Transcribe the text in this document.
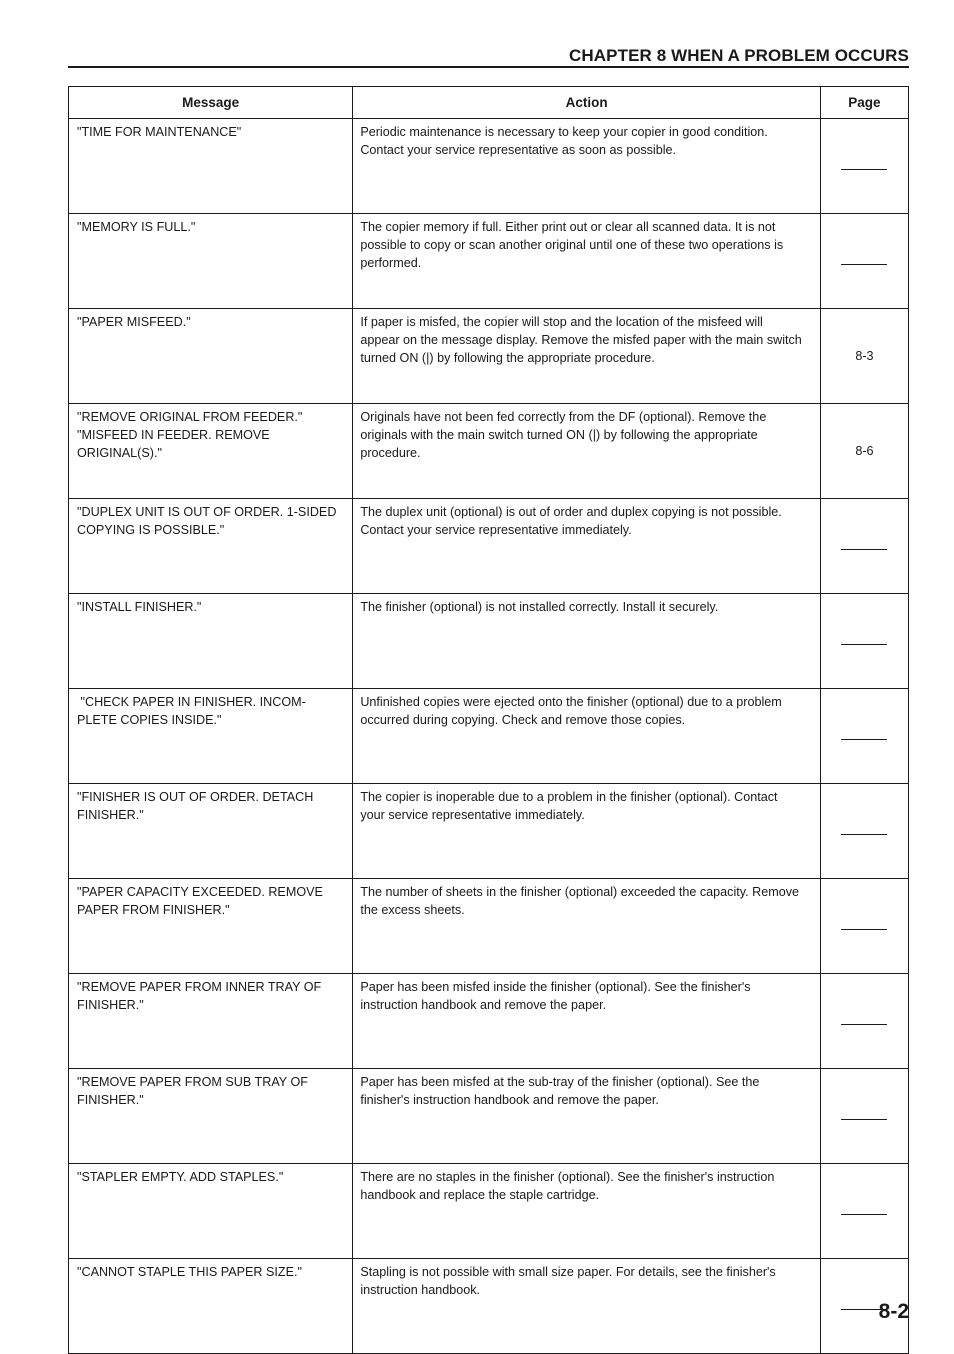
CHAPTER 8 WHEN A PROBLEM OCCURS
Message	Action	Page

"TIME FOR MAINTENANCE"	Periodic maintenance is necessary to keep your copier in good condition.
Contact your service representative as soon as possible.	

"MEMORY IS FULL."	The copier memory if full. Either print out or clear all scanned data. It is not
possible to copy or scan another original until one of these two operations is
performed.	

"PAPER MISFEED."	If paper is misfed, the copier will stop and the location of the misfeed will
appear on the message display. Remove the misfed paper with the main switch
turned ON (|) by following the appropriate procedure.	8-3

"REMOVE ORIGINAL FROM FEEDER."
"MISFEED IN FEEDER. REMOVE
ORIGINAL(S)."	Originals have not been fed correctly from the DF (optional). Remove the
originals with the main switch turned ON (|) by following the appropriate
procedure.	8-6

"DUPLEX UNIT IS OUT OF ORDER. 1-SIDED
COPYING IS POSSIBLE."	The duplex unit (optional) is out of order and duplex copying is not possible.
Contact your service representative immediately.	

"INSTALL FINISHER."	The finisher (optional) is not installed correctly. Install it securely.	

"CHECK PAPER IN FINISHER. INCOM-
PLETE COPIES INSIDE."	Unfinished copies were ejected onto the finisher (optional) due to a problem
occurred during copying. Check and remove those copies.	

"FINISHER IS OUT OF ORDER. DETACH
FINISHER."	The copier is inoperable due to a problem in the finisher (optional). Contact
your service representative immediately.	

"PAPER CAPACITY EXCEEDED. REMOVE
PAPER FROM FINISHER."	The number of sheets in the finisher (optional) exceeded the capacity. Remove
the excess sheets.	

"REMOVE PAPER FROM INNER TRAY OF
FINISHER."	Paper has been misfed inside the finisher (optional). See the finisher's
instruction handbook and remove the paper.	

"REMOVE PAPER FROM SUB TRAY OF
FINISHER."	Paper has been misfed at the sub-tray of the finisher (optional). See the
finisher's instruction handbook and remove the paper.	

"STAPLER EMPTY. ADD STAPLES."	There are no staples in the finisher (optional). See the finisher's instruction
handbook and replace the staple cartridge.	

"CANNOT STAPLE THIS PAPER SIZE."	Stapling is not possible with small size paper. For details, see the finisher's
instruction handbook.	

8-2
